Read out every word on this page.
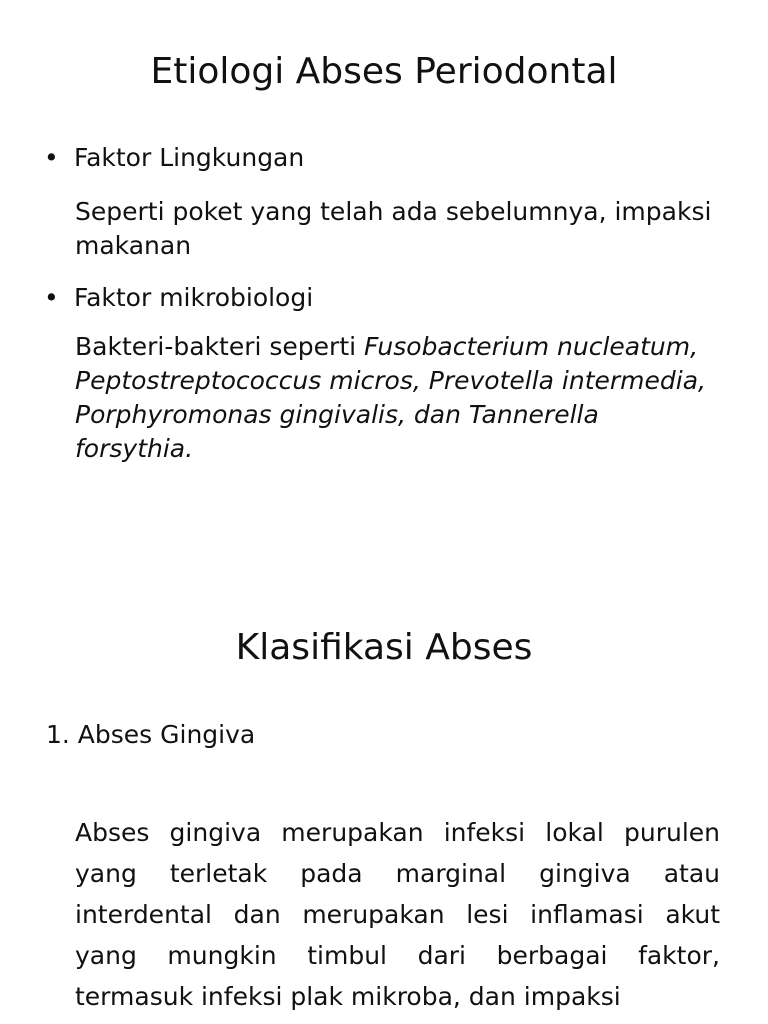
Etiologi Abses Periodontal
• Faktor Lingkungan
Seperti poket yang telah ada sebelumnya, impaksi makanan
• Faktor mikrobiologi
Bakteri-bakteri seperti Fusobacterium nucleatum, Peptostreptococcus micros, Prevotella intermedia, Porphyromonas gingivalis, dan Tannerella forsythia.
Klasifikasi Abses
1. Abses Gingiva
Abses gingiva merupakan infeksi lokal purulen yang terletak pada marginal gingiva atau interdental dan merupakan lesi inflamasi akut yang mungkin timbul dari berbagai faktor, termasuk infeksi plak mikroba, dan impaksi
